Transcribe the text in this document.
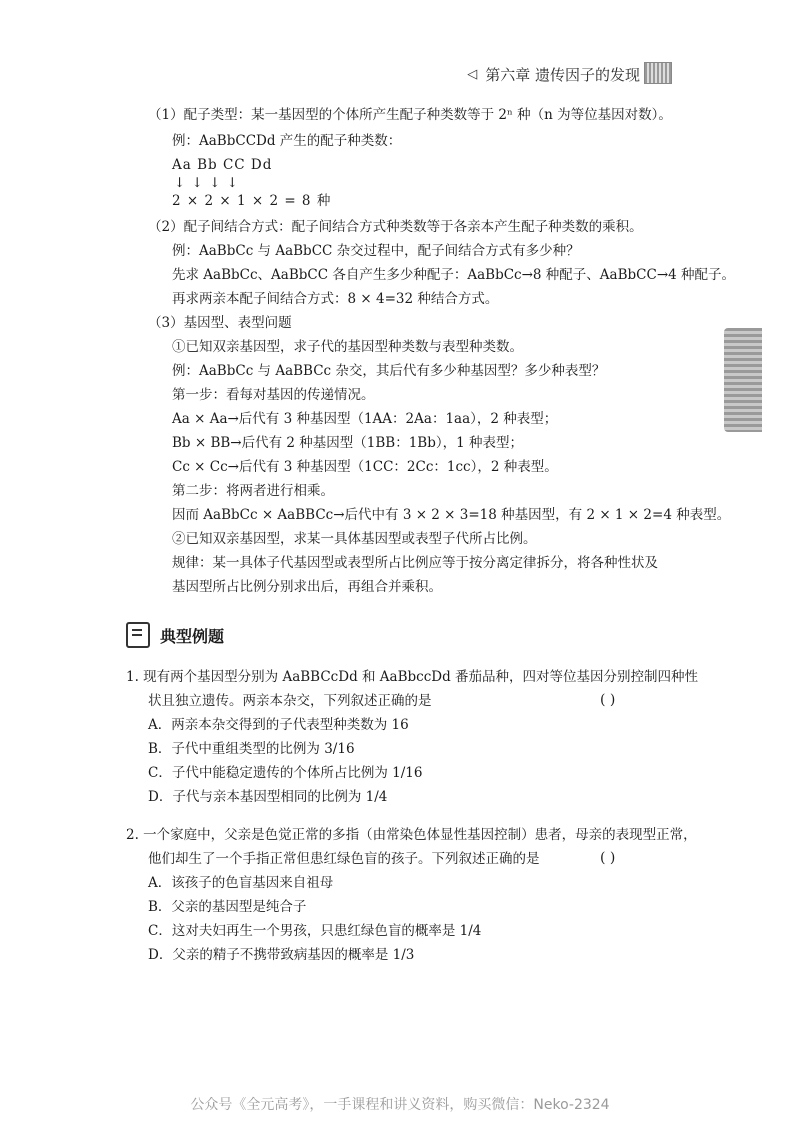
◁ 第六章 遗传因子的发现
（1）配子类型：某一基因型的个体所产生配子种类数等于 2ⁿ 种（n 为等位基因对数）。
例：AaBbCCDd 产生的配子种类数：
Aa Bb CC Dd
↓ ↓ ↓ ↓
2 × 2 × 1 × 2 = 8 种
（2）配子间结合方式：配子间结合方式种类数等于各亲本产生配子种类数的乘积。
例：AaBbCc 与 AaBbCC 杂交过程中，配子间结合方式有多少种？
先求 AaBbCc、AaBbCC 各自产生多少种配子：AaBbCc→8 种配子、AaBbCC→4 种配子。
再求两亲本配子间结合方式：8 × 4=32 种结合方式。
（3）基因型、表型问题
①已知双亲基因型，求子代的基因型种类数与表型种类数。
例：AaBbCc 与 AaBBCc 杂交，其后代有多少种基因型？多少种表型？
第一步：看每对基因的传递情况。
Aa × Aa→后代有 3 种基因型（1AA：2Aa：1aa），2 种表型；
Bb × BB→后代有 2 种基因型（1BB：1Bb），1 种表型；
Cc × Cc→后代有 3 种基因型（1CC：2Cc：1cc），2 种表型。
第二步：将两者进行相乘。
因而 AaBbCc × AaBBCc→后代中有 3 × 2 × 3=18 种基因型，有 2 × 1 × 2=4 种表型。
②已知双亲基因型，求某一具体基因型或表型子代所占比例。
规律：某一具体子代基因型或表型所占比例应等于按分离定律拆分，将各种性状及
基因型所占比例分别求出后，再组合并乘积。
典型例题
1. 现有两个基因型分别为 AaBBCcDd 和 AaBbccDd 番茄品种，四对等位基因分别控制四种性
状且独立遗传。两亲本杂交，下列叙述正确的是	( )
A．两亲本杂交得到的子代表型种类数为 16
B．子代中重组类型的比例为 3/16
C．子代中能稳定遗传的个体所占比例为 1/16
D．子代与亲本基因型相同的比例为 1/4
2. 一个家庭中，父亲是色觉正常的多指（由常染色体显性基因控制）患者，母亲的表现型正常，
他们却生了一个手指正常但患红绿色盲的孩子。下列叙述正确的是	( )
A．该孩子的色盲基因来自祖母
B．父亲的基因型是纯合子
C．这对夫妇再生一个男孩，只患红绿色盲的概率是 1/4
D．父亲的精子不携带致病基因的概率是 1/3
公众号《全元高考》，一手课程和讲义资料，购买微信：Neko-2324
